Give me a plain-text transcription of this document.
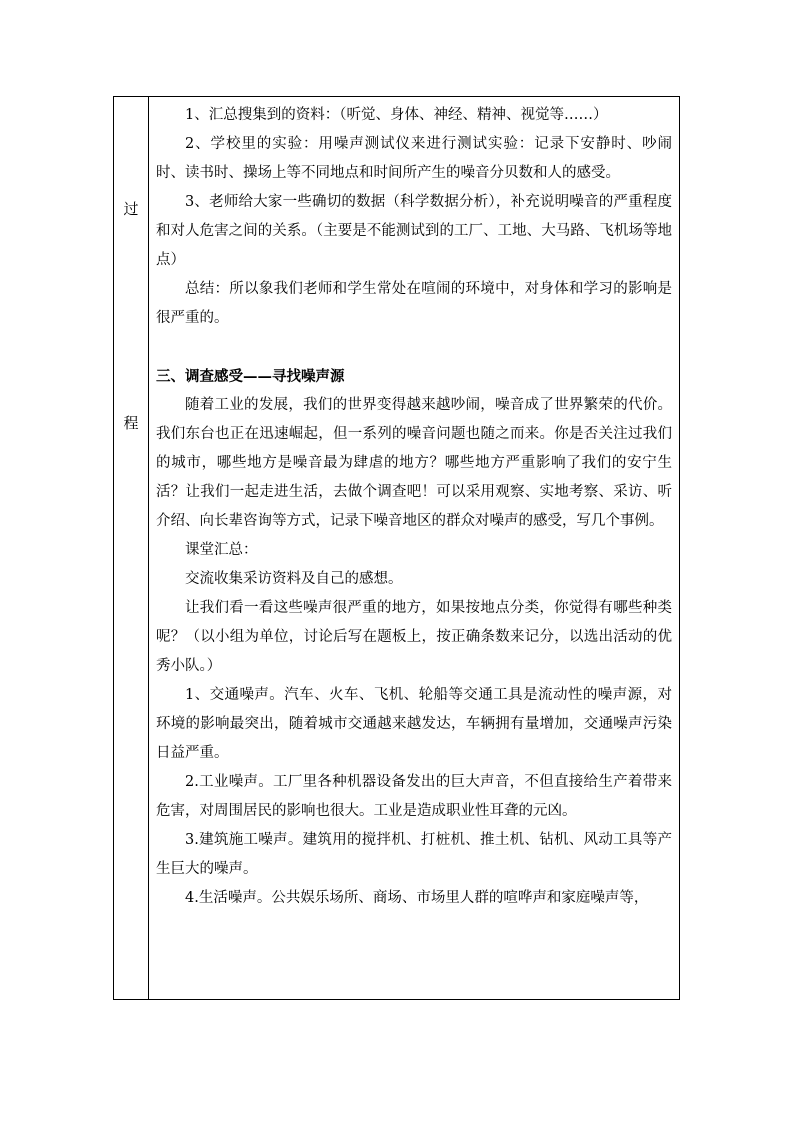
过
程

1、汇总搜集到的资料：（听觉、身体、神经、精神、视觉等……）

2、学校里的实验：用噪声测试仪来进行测试实验：记录下安静时、吵闹时、读书时、操场上等不同地点和时间所产生的噪音分贝数和人的感受。

3、老师给大家一些确切的数据（科学数据分析），补充说明噪音的严重程度和对人危害之间的关系。（主要是不能测试到的工厂、工地、大马路、飞机场等地点）

总结：所以象我们老师和学生常处在喧闹的环境中，对身体和学习的影响是很严重的。

三、调查感受——寻找噪声源

随着工业的发展，我们的世界变得越来越吵闹，噪音成了世界繁荣的代价。我们东台也正在迅速崛起，但一系列的噪音问题也随之而来。你是否关注过我们的城市，哪些地方是噪音最为肆虐的地方？哪些地方严重影响了我们的安宁生活？让我们一起走进生活，去做个调查吧！可以采用观察、实地考察、采访、听介绍、向长辈咨询等方式，记录下噪音地区的群众对噪声的感受，写几个事例。

课堂汇总：

交流收集采访资料及自己的感想。

让我们看一看这些噪声很严重的地方，如果按地点分类，你觉得有哪些种类呢？（以小组为单位，讨论后写在题板上，按正确条数来记分，以选出活动的优秀小队。）

1、交通噪声。汽车、火车、飞机、轮船等交通工具是流动性的噪声源，对环境的影响最突出，随着城市交通越来越发达，车辆拥有量增加，交通噪声污染日益严重。

2.工业噪声。工厂里各种机器设备发出的巨大声音，不但直接给生产着带来危害，对周围居民的影响也很大。工业是造成职业性耳聋的元凶。

3.建筑施工噪声。建筑用的搅拌机、打桩机、推土机、钻机、风动工具等产生巨大的噪声。

4.生活噪声。公共娱乐场所、商场、市场里人群的喧哗声和家庭噪声等，
